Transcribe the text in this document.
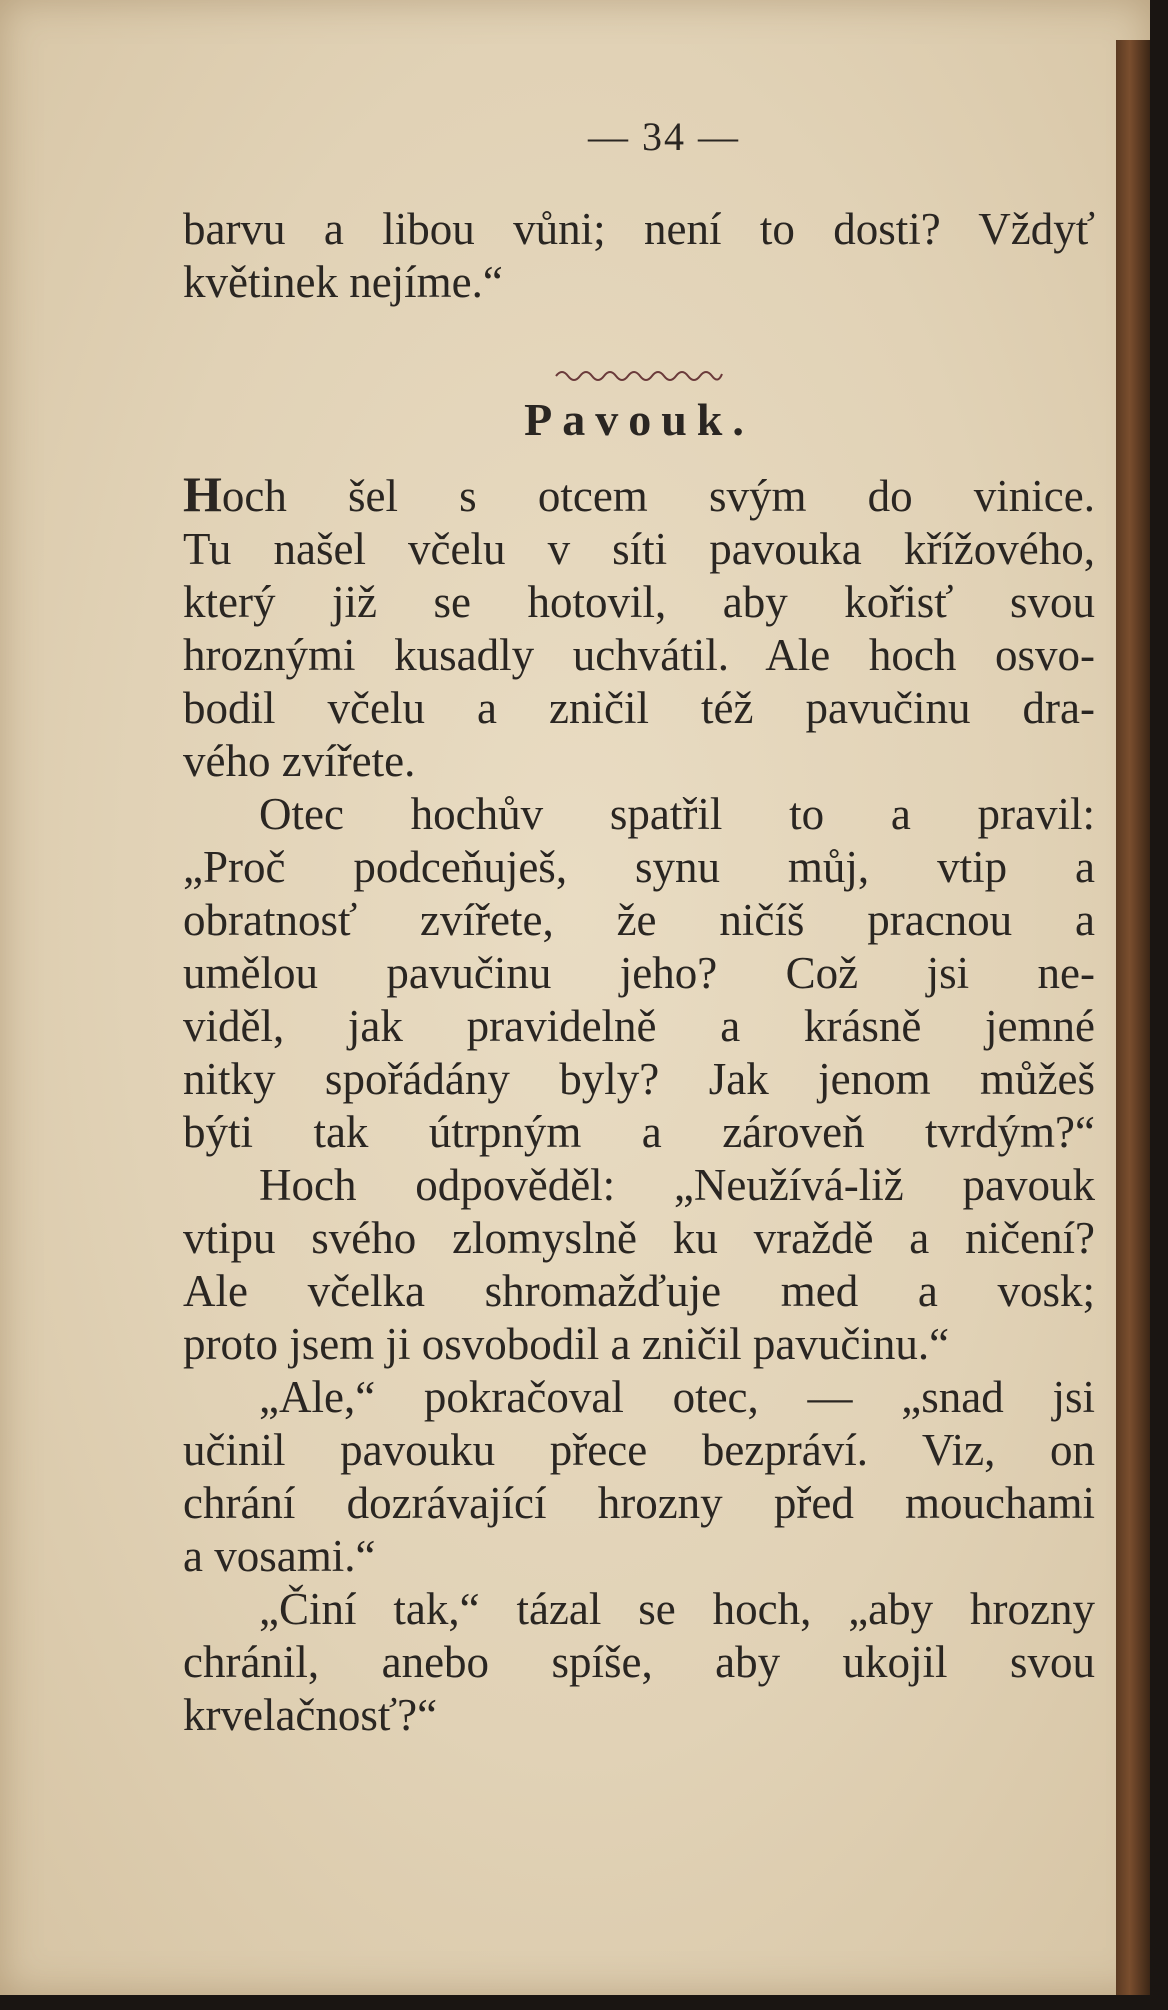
— 34 —
barvu a libou vůni; není to dosti? Vždyť
květinek nejíme.“
Pavouk.
Hoch šel s otcem svým do vinice.
Tu našel včelu v síti pavouka křížového,
který již se hotovil, aby kořisť svou
hroznými kusadly uchvátil. Ale hoch osvo-
bodil včelu a zničil též pavučinu dra-
vého zvířete.
Otec hochův spatřil to a pravil:
„Proč podceňuješ, synu můj, vtip a
obratnosť zvířete, že ničíš pracnou a
umělou pavučinu jeho? Což jsi ne-
viděl, jak pravidelně a krásně jemné
nitky spořádány byly? Jak jenom můžeš
býti tak útrpným a zároveň tvrdým?“
Hoch odpověděl: „Neužívá-liž pavouk
vtipu svého zlomyslně ku vraždě a ničení?
Ale včelka shromažďuje med a vosk;
proto jsem ji osvobodil a zničil pavučinu.“
„Ale,“ pokračoval otec, — „snad jsi
učinil pavouku přece bezpráví. Viz, on
chrání dozrávající hrozny před mouchami
a vosami.“
„Činí tak,“ tázal se hoch, „aby hrozny
chránil, anebo spíše, aby ukojil svou
krvelačnosť?“
